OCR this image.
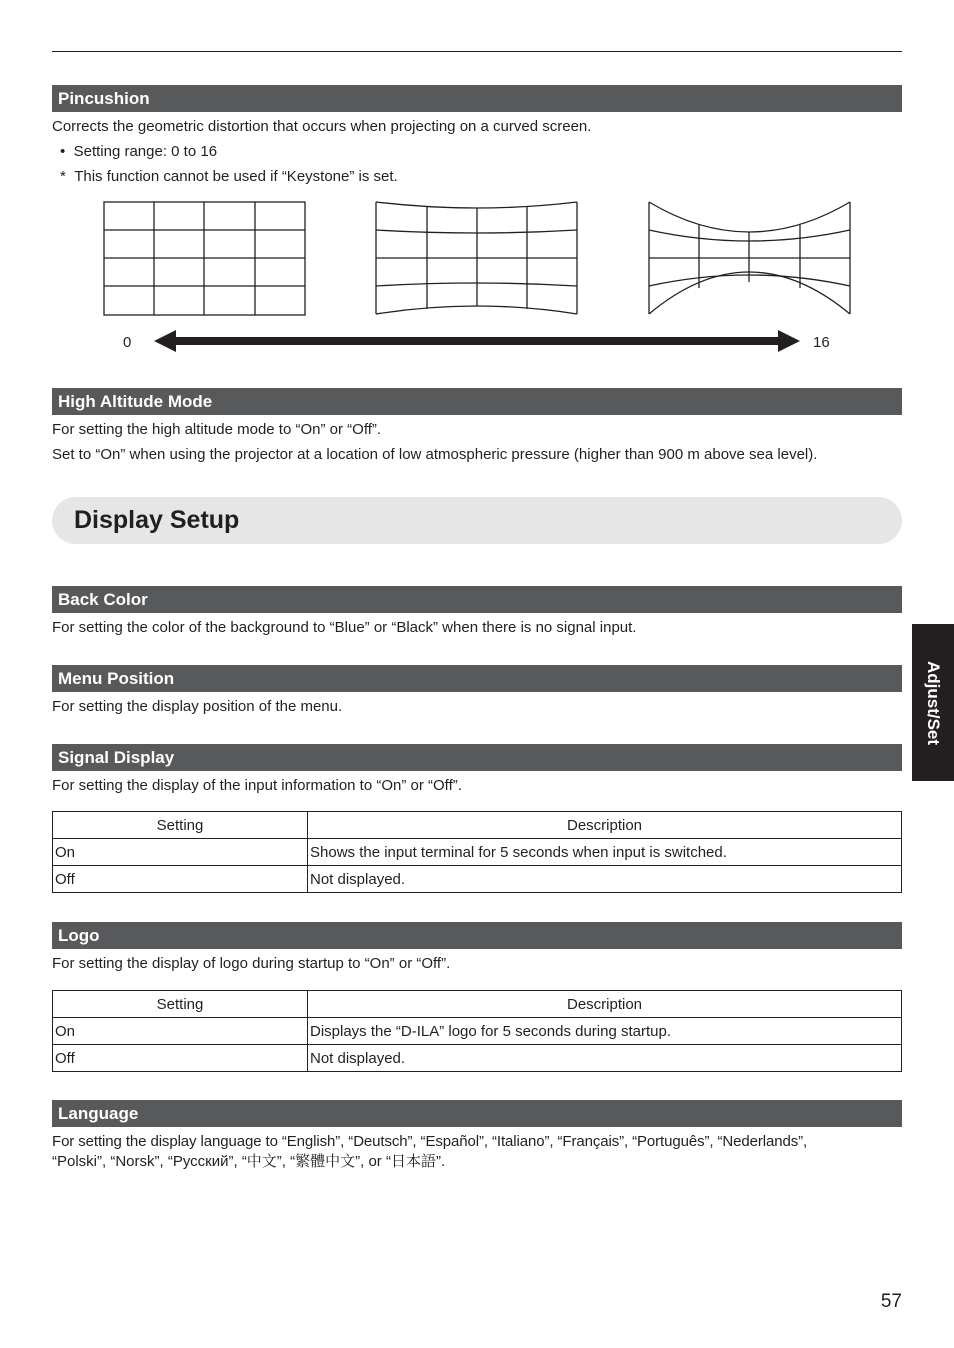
Pincushion
Corrects the geometric distortion that occurs when projecting on a curved screen.
•  Setting range: 0 to 16
*  This function cannot be used if “Keystone” is set.
0	16
High Altitude Mode
For setting the high altitude mode to “On” or “Off”.
Set to “On” when using the projector at a location of low atmospheric pressure (higher than 900 m above sea level).
Display Setup
Back Color
For setting the color of the background to “Blue” or “Black” when there is no signal input.
Menu Position
For setting the display position of the menu.
Signal Display
For setting the display of the input information to “On” or “Off”.
Setting	Description
On	Shows the input terminal for 5 seconds when input is switched.
Off	Not displayed.
Logo
For setting the display of logo during startup to “On” or “Off”.
Setting	Description
On	Displays the “D-ILA” logo for 5 seconds during startup.
Off	Not displayed.
Language
For setting the display language to “English”, “Deutsch”, “Español”, “Italiano”, “Français”, “Português”, “Nederlands”,
“Polski”, “Norsk”, “Русский”, “中文”, “繁體中文”, or “日本語”.
Adjust/Set
57
